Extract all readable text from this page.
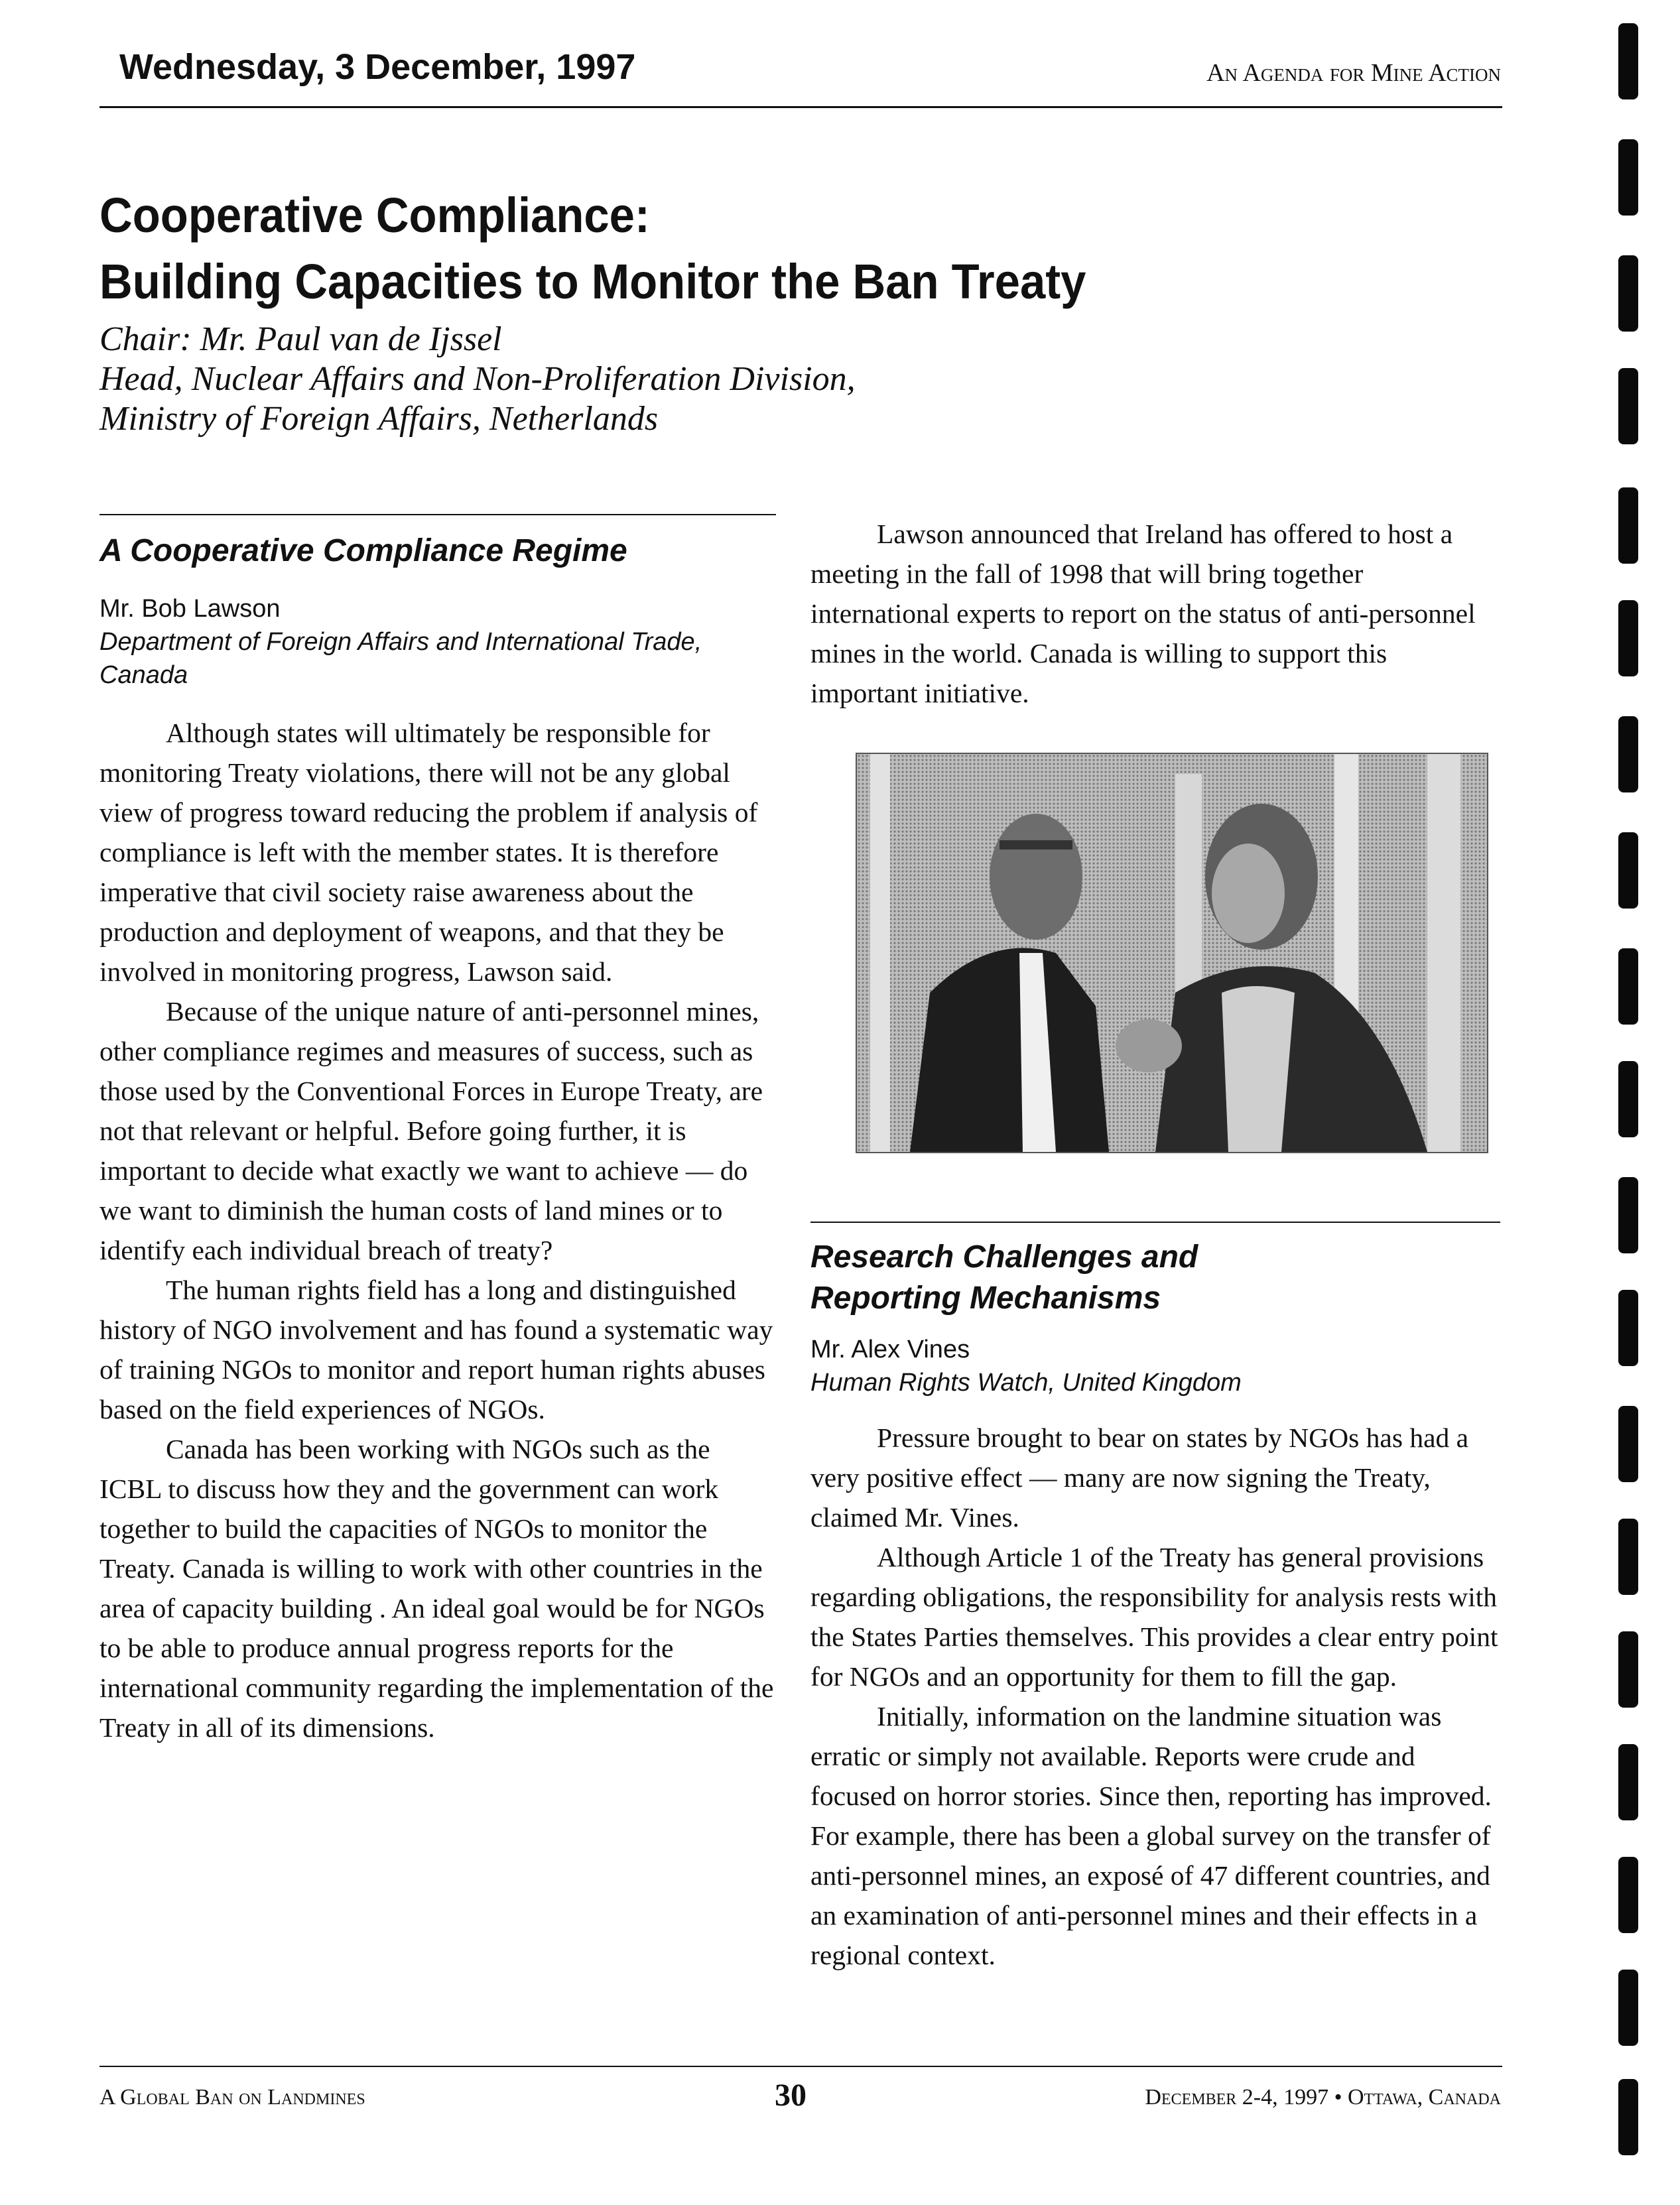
Wednesday, 3 December, 1997	An Agenda for Mine Action
Cooperative Compliance:
Building Capacities to Monitor the Ban Treaty
Chair: Mr. Paul van de Ijssel
Head, Nuclear Affairs and Non-Proliferation Division,
Ministry of Foreign Affairs, Netherlands
A Cooperative Compliance Regime
Mr. Bob Lawson
Department of Foreign Affairs and International Trade,
Canada

Although states will ultimately be responsible for monitoring Treaty violations, there will not be any global view of progress toward reducing the problem if analysis of compliance is left with the member states. It is therefore imperative that civil society raise awareness about the production and deployment of weapons, and that they be involved in monitoring progress, Lawson said.

Because of the unique nature of anti-personnel mines, other compliance regimes and measures of success, such as those used by the Conventional Forces in Europe Treaty, are not that relevant or helpful. Before going further, it is important to decide what exactly we want to achieve — do we want to diminish the human costs of land mines or to identify each individual breach of treaty?

The human rights field has a long and distinguished history of NGO involvement and has found a systematic way of training NGOs to monitor and report human rights abuses based on the field experiences of NGOs.

Canada has been working with NGOs such as the ICBL to discuss how they and the government can work together to build the capacities of NGOs to monitor the Treaty. Canada is willing to work with other countries in the area of capacity building . An ideal goal would be for NGOs to be able to produce annual progress reports for the international community regarding the implementation of the Treaty in all of its dimensions.

Lawson announced that Ireland has offered to host a meeting in the fall of 1998 that will bring together international experts to report on the status of anti-personnel mines in the world. Canada is willing to support this important initiative.

Research Challenges and
Reporting Mechanisms
Mr. Alex Vines
Human Rights Watch, United Kingdom

Pressure brought to bear on states by NGOs has had a very positive effect — many are now signing the Treaty, claimed Mr. Vines.

Although Article 1 of the Treaty has general provisions regarding obligations, the responsibility for analysis rests with the States Parties themselves. This provides a clear entry point for NGOs and an opportunity for them to fill the gap.

Initially, information on the landmine situation was erratic or simply not available. Reports were crude and focused on horror stories. Since then, reporting has improved. For example, there has been a global survey on the transfer of anti-personnel mines, an exposé of 47 different countries, and an examination of anti-personnel mines and their effects in a regional context.

A Global Ban on Landmines	30	December 2-4, 1997 • Ottawa, Canada
